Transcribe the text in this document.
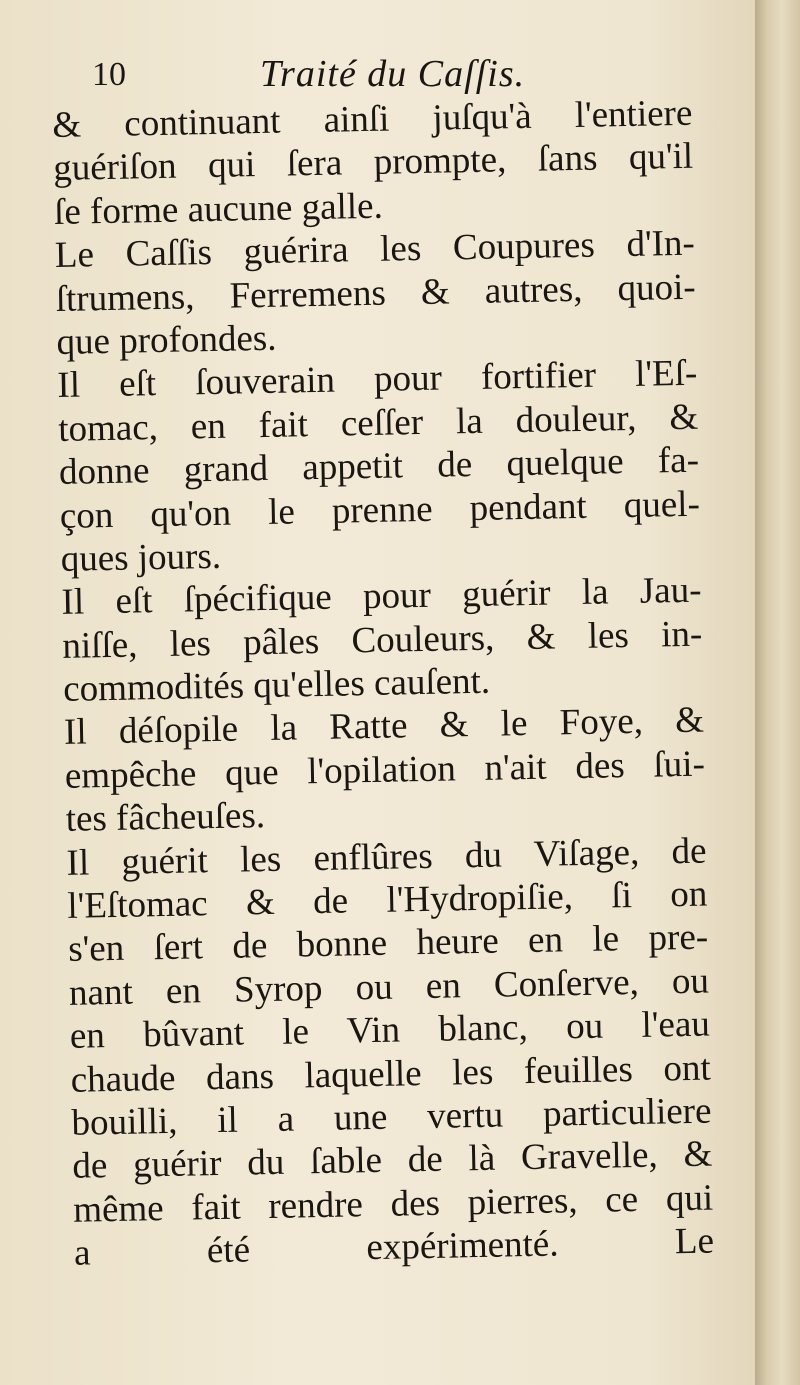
10	Traité du Caſſis.
& continuant ainſi juſqu'à l'entiere
guériſon qui ſera prompte, ſans qu'il
ſe forme aucune galle.
Le Caſſis guérira les Coupures d'In-
ſtrumens, Ferremens & autres, quoi-
que profondes.
Il eſt ſouverain pour fortifier l'Eſ-
tomac, en fait ceſſer la douleur, &
donne grand appetit de quelque fa-
çon qu'on le prenne pendant quel-
ques jours.
Il eſt ſpécifique pour guérir la Jau-
niſſe, les pâles Couleurs, & les in-
commodités qu'elles cauſent.
Il déſopile la Ratte & le Foye, &
empêche que l'opilation n'ait des ſui-
tes fâcheuſes.
Il guérit les enflûres du Viſage, de
l'Eſtomac & de l'Hydropiſie, ſi on
s'en ſert de bonne heure en le pre-
nant en Syrop ou en Conſerve, ou
en bûvant le Vin blanc, ou l'eau
chaude dans laquelle les feuilles ont
bouilli, il a une vertu particuliere
de guérir du ſable de là Gravelle, &
même fait rendre des pierres, ce qui
a été expérimenté.	Le
